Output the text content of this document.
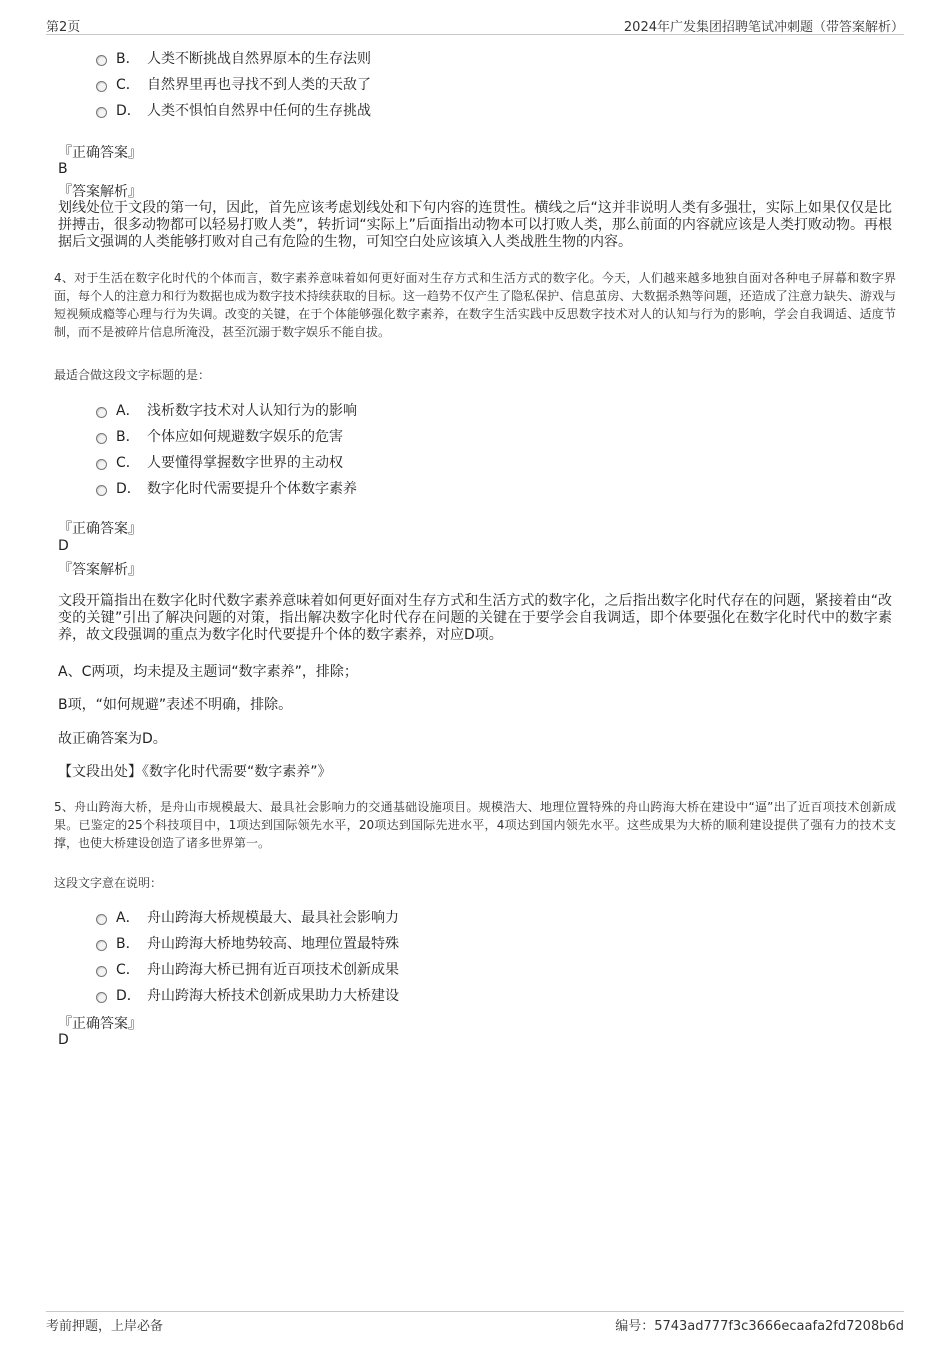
第2页	2024年广发集团招聘笔试冲刺题（带答案解析）
B． 人类不断挑战自然界原本的生存法则
C． 自然界里再也寻找不到人类的天敌了
D． 人类不惧怕自然界中任何的生存挑战
『正确答案』
B
『答案解析』
划线处位于文段的第一句，因此，首先应该考虑划线处和下句内容的连贯性。横线之后“这并非说明人类有多强壮，实际上如果仅仅是比拼搏击，很多动物都可以轻易打败人类”，转折词“实际上”后面指出动物本可以打败人类，那么前面的内容就应该是人类打败动物。再根据后文强调的人类能够打败对自己有危险的生物，可知空白处应该填入人类战胜生物的内容。
4、对于生活在数字化时代的个体而言，数字素养意味着如何更好面对生存方式和生活方式的数字化。今天，人们越来越多地独自面对各种电子屏幕和数字界面，每个人的注意力和行为数据也成为数字技术持续获取的目标。这一趋势不仅产生了隐私保护、信息茧房、大数据杀熟等问题，还造成了注意力缺失、游戏与短视频成瘾等心理与行为失调。改变的关键，在于个体能够强化数字素养，在数字生活实践中反思数字技术对人的认知与行为的影响，学会自我调适、适度节制，而不是被碎片信息所淹没，甚至沉溺于数字娱乐不能自拔。
最适合做这段文字标题的是：
A． 浅析数字技术对人认知行为的影响
B． 个体应如何规避数字娱乐的危害
C． 人要懂得掌握数字世界的主动权
D． 数字化时代需要提升个体数字素养
『正确答案』
D
『答案解析』
文段开篇指出在数字化时代数字素养意味着如何更好面对生存方式和生活方式的数字化，之后指出数字化时代存在的问题，紧接着由“改变的关键”引出了解决问题的对策，指出解决数字化时代存在问题的关键在于要学会自我调适，即个体要强化在数字化时代中的数字素养，故文段强调的重点为数字化时代要提升个体的数字素养，对应D项。
A、C两项，均未提及主题词“数字素养”，排除；
B项，“如何规避”表述不明确，排除。
故正确答案为D。
【文段出处】《数字化时代需要“数字素养”》
5、舟山跨海大桥，是舟山市规模最大、最具社会影响力的交通基础设施项目。规模浩大、地理位置特殊的舟山跨海大桥在建设中“逼”出了近百项技术创新成果。已鉴定的25个科技项目中，1项达到国际领先水平，20项达到国际先进水平，4项达到国内领先水平。这些成果为大桥的顺利建设提供了强有力的技术支撑，也使大桥建设创造了诸多世界第一。
这段文字意在说明：
A． 舟山跨海大桥规模最大、最具社会影响力
B． 舟山跨海大桥地势较高、地理位置最特殊
C． 舟山跨海大桥已拥有近百项技术创新成果
D． 舟山跨海大桥技术创新成果助力大桥建设
『正确答案』
D
考前押题，上岸必备	编号：5743ad777f3c3666ecaafa2fd7208b6d
